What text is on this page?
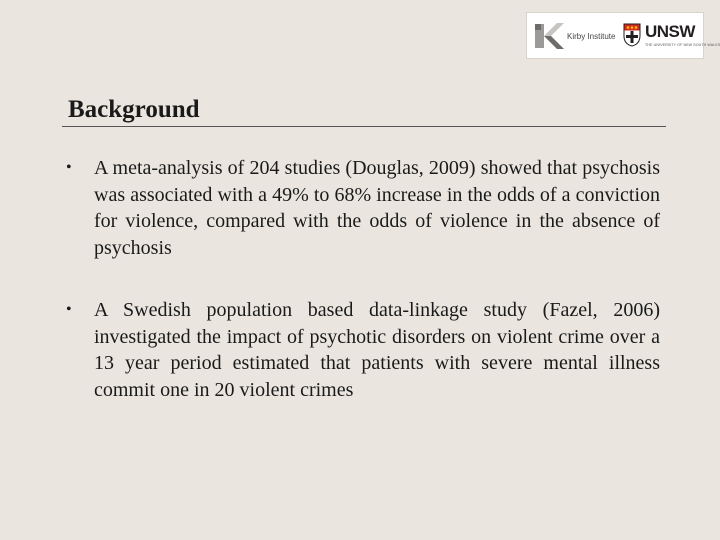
Kirby Institute UNSW
THE UNIVERSITY OF NEW SOUTH WALES
Background
• A meta-analysis of 204 studies (Douglas, 2009) showed that psychosis was associated with a 49% to 68% increase in the odds of a conviction for violence, compared with the odds of violence in the absence of psychosis
• A Swedish population based data-linkage study (Fazel, 2006) investigated the impact of psychotic disorders on violent crime over a 13 year period estimated that patients with severe mental illness commit one in 20 violent crimes
